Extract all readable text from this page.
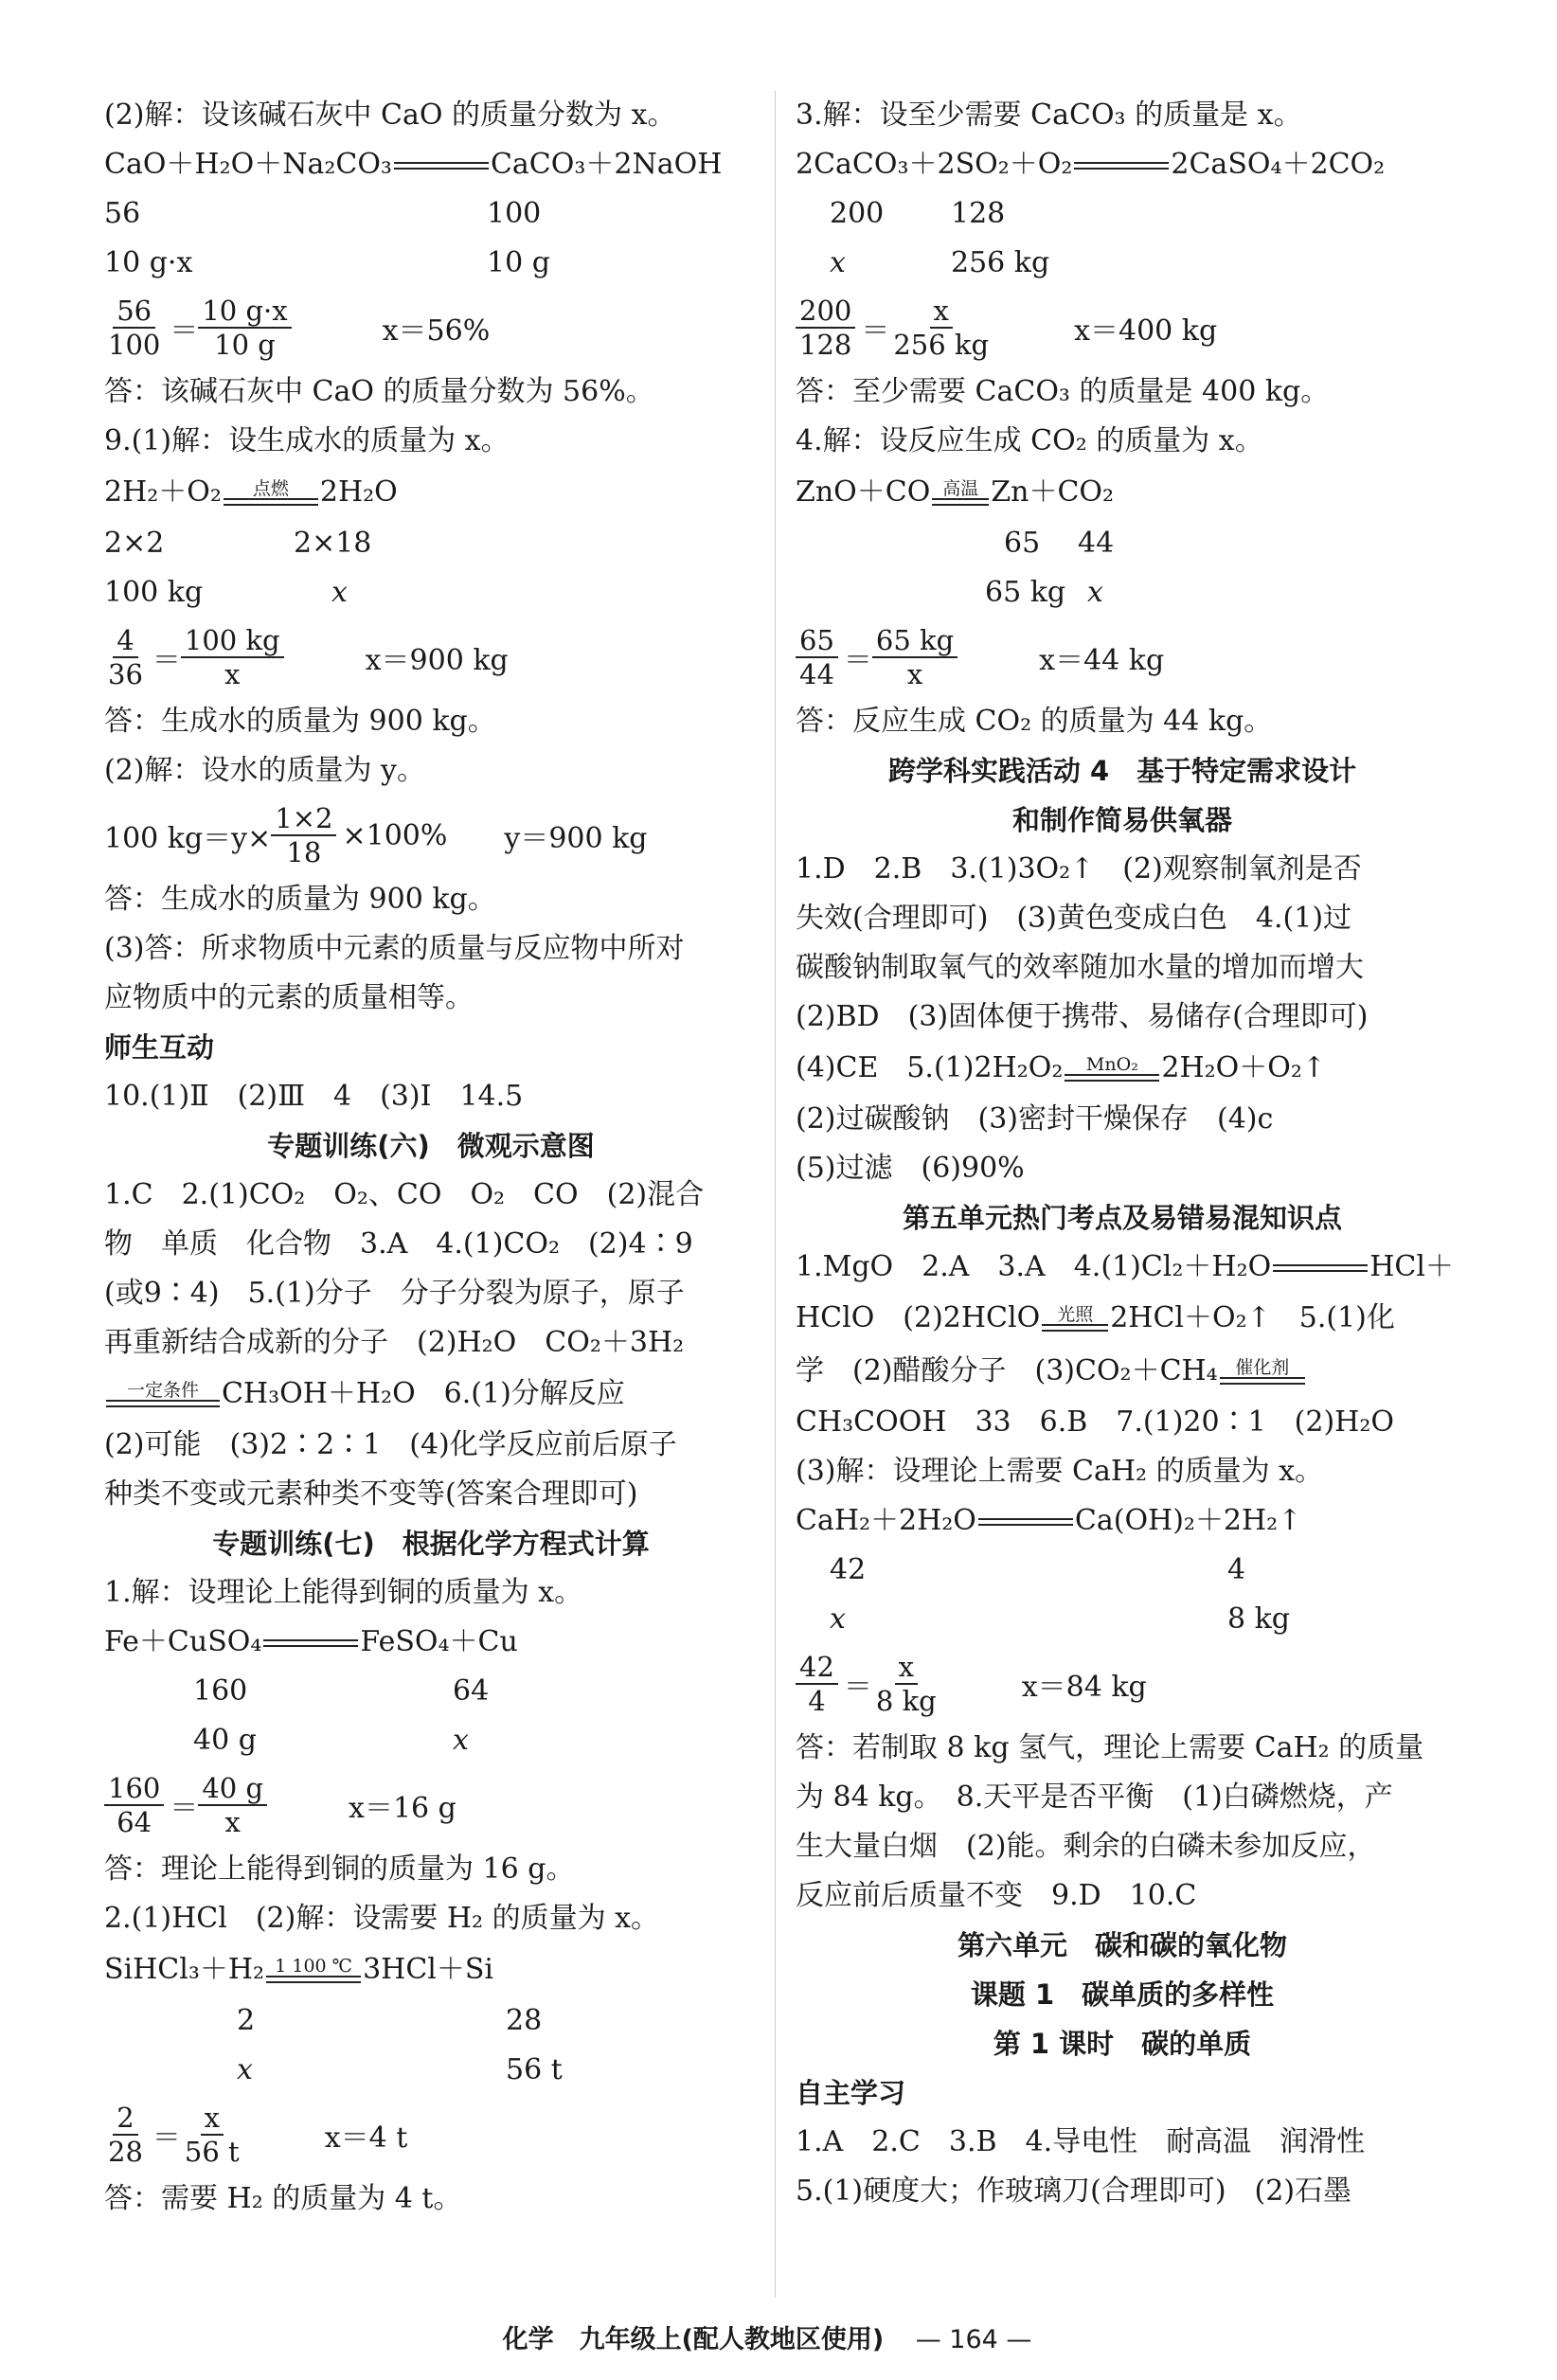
(2)解：设该碱石灰中 CaO 的质量分数为 x。
CaO＋H₂O＋Na₂CO₃	CaCO₃＋2NaOH
56	100
10 g·x	10 g
$\frac{56}{100} = \frac{10 g\cdot x}{10 g}$	x＝56%
答：该碱石灰中 CaO 的质量分数为 56%。
9.(1)解：设生成水的质量为 x。
2H₂＋O₂ 点燃 2H₂O
2×2	2×18
100 kg	x
$\frac{4}{36} = \frac{100 kg}{x}$	x＝900 kg
答：生成水的质量为 900 kg。
(2)解：设水的质量为 y。
100 $kg=y\times \frac{1\times 2}{18} \times 100\%$ y＝900 kg
答：生成水的质量为 900 kg。
(3)答：所求物质中元素的质量与反应物中所对
应物质中的元素的质量相等。
师生互动
10.(1)Ⅱ　(2)Ⅲ　4　(3)Ⅰ　14.5
专题训练(六)　微观示意图
1.C　2.(1)CO₂　O₂、CO　O₂　CO　(2)混合
物　单质　化合物　3.A　4.(1)CO₂　(2)4∶9
(或9∶4)　5.(1)分子　分子分裂为原子，原子
再重新结合成新的分子　(2)H₂O　CO₂＋3H₂
一定条件 CH₃OH＋H₂O　6.(1)分解反应
(2)可能　(3)2∶2∶1　(4)化学反应前后原子
种类不变或元素种类不变等(答案合理即可)
专题训练(七)　根据化学方程式计算
1.解：设理论上能得到铜的质量为 x。
Fe＋CuSO₄	FeSO₄＋Cu
160	64
40 g	x
$\frac{160}{64} = \frac{40 g}{x}$	x＝16 g
答：理论上能得到铜的质量为 16 g。
2.(1)HCl　(2)解：设需要 H₂ 的质量为 x。
SiHCl₃＋H₂ 1 100 ℃ 3HCl＋Si
2	28
x	56 t
$\frac{2}{28} = \frac{x}{56 t}$	x＝4 t
答：需要 H₂ 的质量为 4 t。
3.解：设至少需要 CaCO₃ 的质量是 x。
2CaCO₃＋2SO₂＋O₂	2CaSO₄＋2CO₂
200 128
x	256 kg
$\frac{200}{128} = \frac{x}{256 kg}$	x＝400 kg
答：至少需要 CaCO₃ 的质量是 400 kg。
4.解：设反应生成 CO₂ 的质量为 x。
ZnO＋CO 高温 Zn＋CO₂
65 44
65 kg x
$\frac{65}{44} = \frac{65 kg}{x}$	x＝44 kg
答：反应生成 CO₂ 的质量为 44 kg。
跨学科实践活动 4　基于特定需求设计
和制作简易供氧器
1.D　2.B　3.(1)3O₂↑　(2)观察制氧剂是否
失效(合理即可)　(3)黄色变成白色　4.(1)过
碳酸钠制取氧气的效率随加水量的增加而增大
(2)BD　(3)固体便于携带、易储存(合理即可)
(4)CE　5.(1)2H₂O₂ MnO₂ 2H₂O＋O₂↑
(2)过碳酸钠　(3)密封干燥保存　(4)c
(5)过滤　(6)90%
第五单元热门考点及易错易混知识点
1.MgO　2.A　3.A　4.(1)Cl₂＋H₂O	HCl＋
HClO　(2)2HClO 光照 2HCl＋O₂↑　5.(1)化
学　(2)醋酸分子　(3)CO₂＋CH₄ 催化剂
CH₃COOH　33　6.B　7.(1)20∶1　(2)H₂O
(3)解：设理论上需要 CaH₂ 的质量为 x。
CaH₂＋2H₂O	Ca(OH)₂＋2H₂↑
42	4
x	8 kg
$\frac{42}{4} = \frac{x}{8 kg}$	x＝84 kg
答：若制取 8 kg 氢气，理论上需要 CaH₂ 的质量
为 84 kg。　8.天平是否平衡　(1)白磷燃烧，产
生大量白烟　(2)能。剩余的白磷未参加反应，
反应前后质量不变　9.D　10.C
第六单元　碳和碳的氧化物
课题 1　碳单质的多样性
第 1 课时　碳的单质
自主学习
1.A　2.C　3.B　4.导电性　耐高温　润滑性
5.(1)硬度大；作玻璃刀(合理即可)　(2)石墨
化学　九年级上(配人教地区使用) — 164 —
